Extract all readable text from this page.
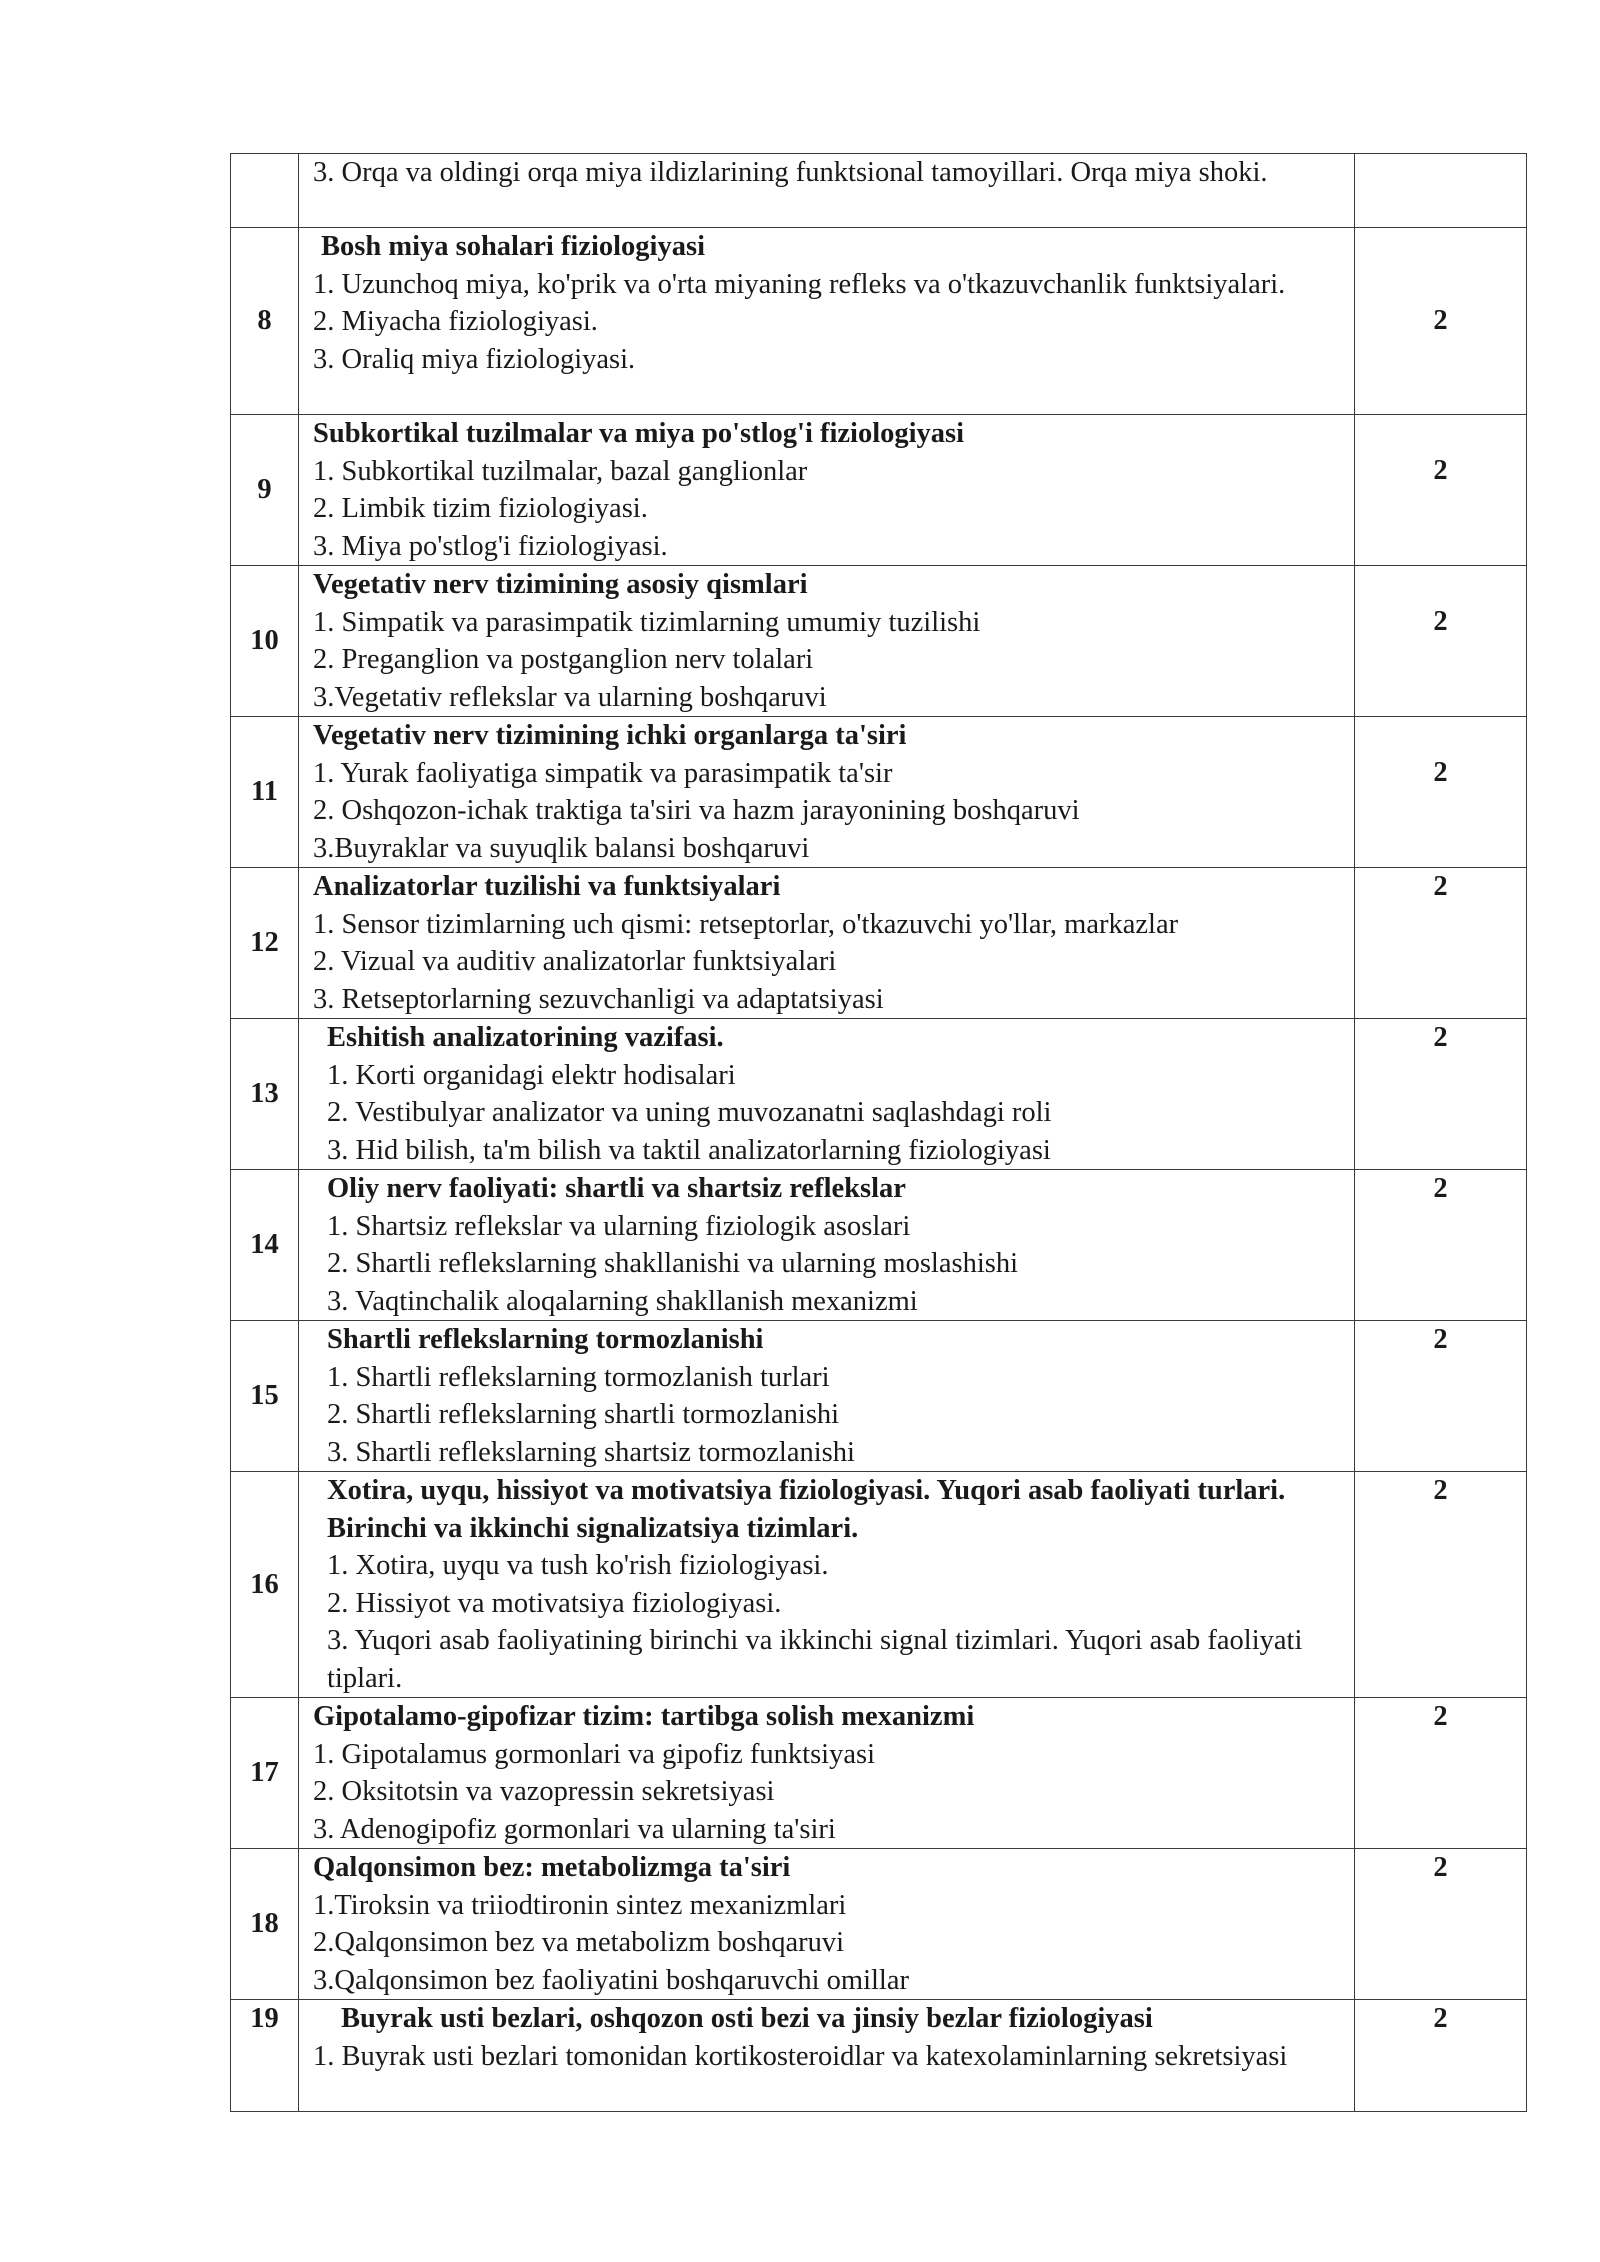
	3. Orqa va oldingi orqa miya ildizlarining funktsional tamoyillari. Orqa miya shoki.	

8	Bosh miya sohalari fiziologiyasi
1. Uzunchoq miya, ko'prik va o'rta miyaning refleks va o'tkazuvchanlik funktsiyalari.
2. Miyacha fiziologiyasi.
3. Oraliq miya fiziologiyasi.	2
9	Subkortikal tuzilmalar va miya po'stlog'i fiziologiyasi
1. Subkortikal tuzilmalar, bazal ganglionlar
2. Limbik tizim fiziologiyasi.
3. Miya po'stlog'i fiziologiyasi.	2
10	Vegetativ nerv tizimining asosiy qismlari
1. Simpatik va parasimpatik tizimlarning umumiy tuzilishi
2. Preganglion va postganglion nerv tolalari
3.Vegetativ reflekslar va ularning boshqaruvi	2
11	Vegetativ nerv tizimining ichki organlarga ta'siri
1. Yurak faoliyatiga simpatik va parasimpatik ta'sir
2. Oshqozon-ichak traktiga ta'siri va hazm jarayonining boshqaruvi
3.Buyraklar va suyuqlik balansi boshqaruvi	2
12	Analizatorlar tuzilishi va funktsiyalari
1. Sensor tizimlarning uch qismi: retseptorlar, o'tkazuvchi yo'llar, markazlar
2. Vizual va auditiv analizatorlar funktsiyalari
3. Retseptorlarning sezuvchanligi va adaptatsiyasi	2
13	Eshitish analizatorining vazifasi.
1. Korti organidagi elektr hodisalari
2. Vestibulyar analizator va uning muvozanatni saqlashdagi roli
3. Hid bilish, ta'm bilish va taktil analizatorlarning fiziologiyasi	2
14	Oliy nerv faoliyati: shartli va shartsiz reflekslar
1. Shartsiz reflekslar va ularning fiziologik asoslari
2. Shartli reflekslarning shakllanishi va ularning moslashishi
3. Vaqtinchalik aloqalarning shakllanish mexanizmi	2
15	Shartli reflekslarning tormozlanishi
1. Shartli reflekslarning tormozlanish turlari
2. Shartli reflekslarning shartli tormozlanishi
3. Shartli reflekslarning shartsiz tormozlanishi	2
16	Xotira, uyqu, hissiyot va motivatsiya fiziologiyasi. Yuqori asab faoliyati turlari. Birinchi va ikkinchi signalizatsiya tizimlari.
1. Xotira, uyqu va tush ko'rish fiziologiyasi.
2. Hissiyot va motivatsiya fiziologiyasi.
3. Yuqori asab faoliyatining birinchi va ikkinchi signal tizimlari. Yuqori asab faoliyati tiplari.	2
17	Gipotalamo-gipofizar tizim: tartibga solish mexanizmi
1. Gipotalamus gormonlari va gipofiz funktsiyasi
2. Oksitotsin va vazopressin sekretsiyasi
3. Adenogipofiz gormonlari va ularning ta'siri	2
18	Qalqonsimon bez: metabolizmga ta'siri
1.Tiroksin va triiodtironin sintez mexanizmlari
2.Qalqonsimon bez va metabolizm boshqaruvi
3.Qalqonsimon bez faoliyatini boshqaruvchi omillar	2
19	Buyrak usti bezlari, oshqozon osti bezi va jinsiy bezlar fiziologiyasi
1. Buyrak usti bezlari tomonidan kortikosteroidlar va katexolaminlarning sekretsiyasi	2
